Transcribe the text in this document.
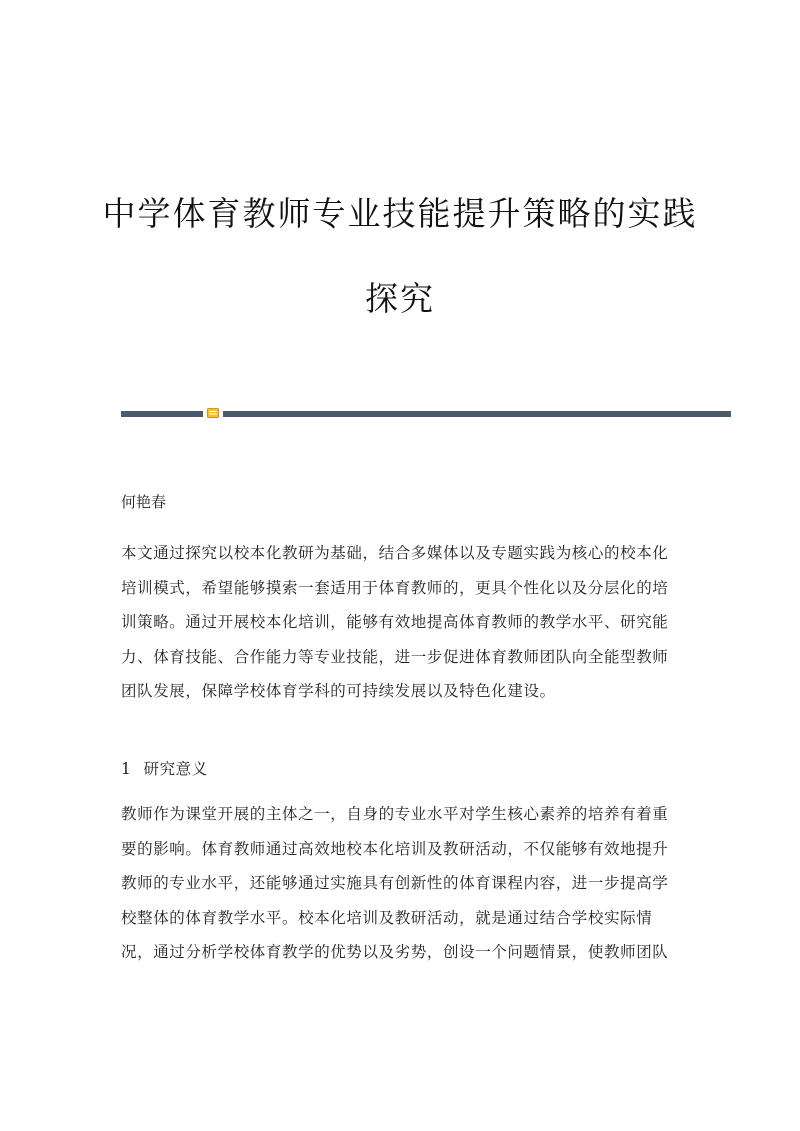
中学体育教师专业技能提升策略的实践
探究

何艳春

本文通过探究以校本化教研为基础，结合多媒体以及专题实践为核心的校本化
培训模式，希望能够摸索一套适用于体育教师的，更具个性化以及分层化的培
训策略。通过开展校本化培训，能够有效地提高体育教师的教学水平、研究能
力、体育技能、合作能力等专业技能，进一步促进体育教师团队向全能型教师
团队发展，保障学校体育学科的可持续发展以及特色化建设。

1 研究意义

教师作为课堂开展的主体之一，自身的专业水平对学生核心素养的培养有着重
要的影响。体育教师通过高效地校本化培训及教研活动，不仅能够有效地提升
教师的专业水平，还能够通过实施具有创新性的体育课程内容，进一步提高学
校整体的体育教学水平。校本化培训及教研活动，就是通过结合学校实际情
况，通过分析学校体育教学的优势以及劣势，创设一个问题情景，使教师团队
